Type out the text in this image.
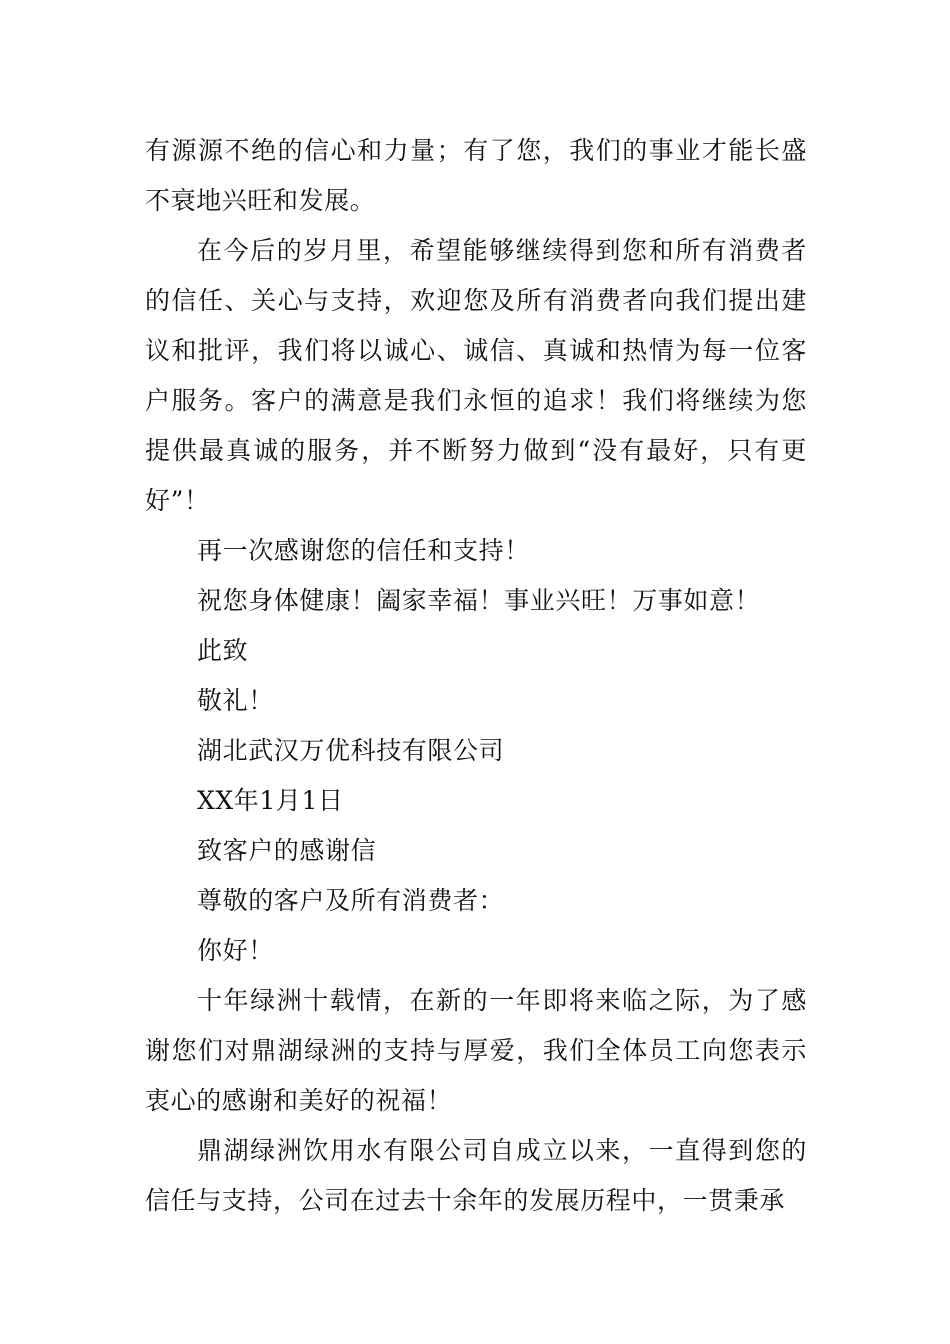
有源源不绝的信心和力量；有了您，我们的事业才能长盛不衰地兴旺和发展。

在今后的岁月里，希望能够继续得到您和所有消费者的信任、关心与支持，欢迎您及所有消费者向我们提出建议和批评，我们将以诚心、诚信、真诚和热情为每一位客户服务。客户的满意是我们永恒的追求！我们将继续为您提供最真诚的服务，并不断努力做到“没有最好，只有更好”！

再一次感谢您的信任和支持！

祝您身体健康！阖家幸福！事业兴旺！万事如意！

此致

敬礼！

湖北武汉万优科技有限公司

XX年1月1日

致客户的感谢信

尊敬的客户及所有消费者：

你好！

十年绿洲十载情，在新的一年即将来临之际，为了感谢您们对鼎湖绿洲的支持与厚爱，我们全体员工向您表示衷心的感谢和美好的祝福！

鼎湖绿洲饮用水有限公司自成立以来，一直得到您的信任与支持，公司在过去十余年的发展历程中，一贯秉承
